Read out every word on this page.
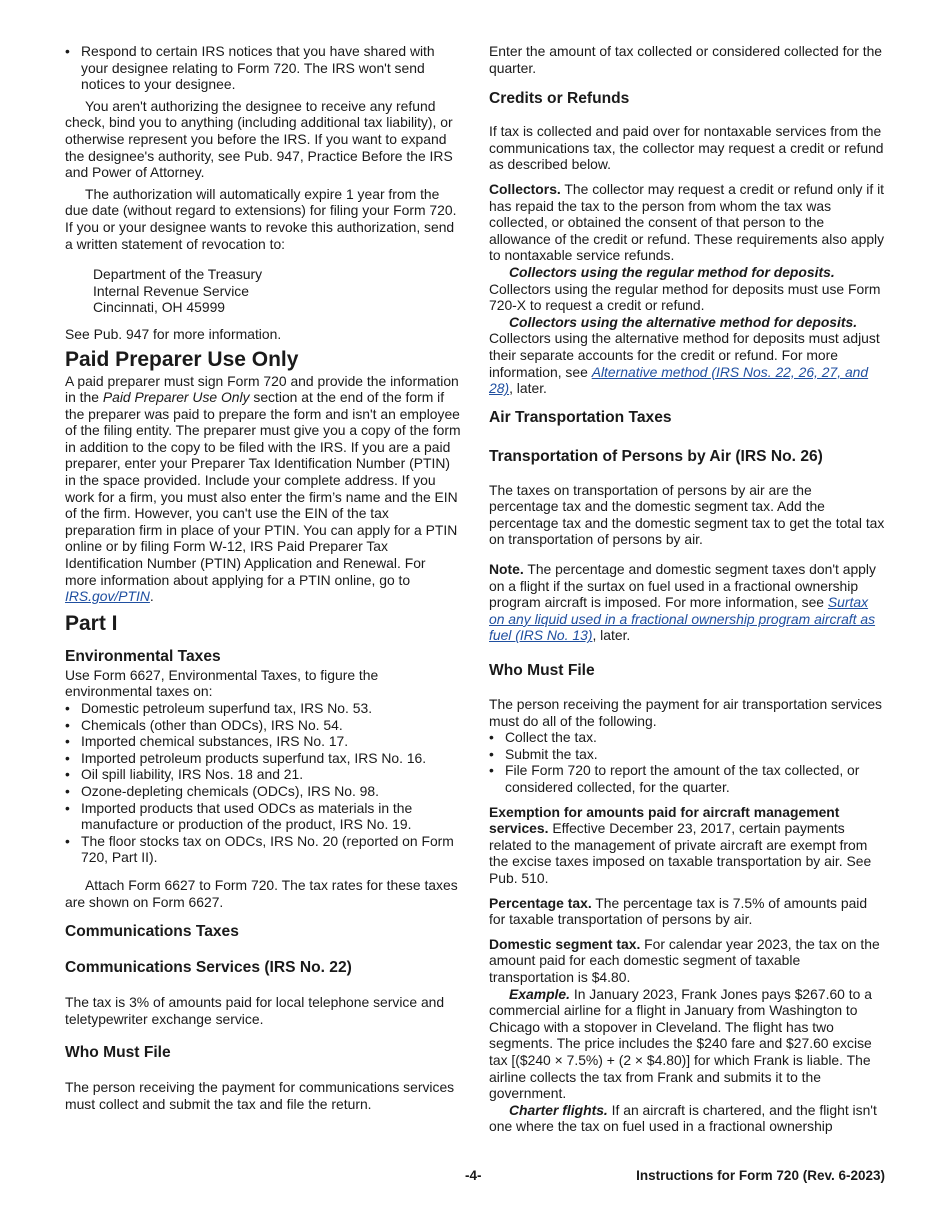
• Respond to certain IRS notices that you have shared with your designee relating to Form 720. The IRS won't send notices to your designee.

You aren't authorizing the designee to receive any refund check, bind you to anything (including additional tax liability), or otherwise represent you before the IRS. If you want to expand the designee's authority, see Pub. 947, Practice Before the IRS and Power of Attorney.

The authorization will automatically expire 1 year from the due date (without regard to extensions) for filing your Form 720. If you or your designee wants to revoke this authorization, send a written statement of revocation to:

Department of the Treasury

Internal Revenue Service

Cincinnati, OH 45999

See Pub. 947 for more information.

Paid Preparer Use Only

A paid preparer must sign Form 720 and provide the information in the Paid Preparer Use Only section at the end of the form if the preparer was paid to prepare the form and isn't an employee of the filing entity. The preparer must give you a copy of the form in addition to the copy to be filed with the IRS. If you are a paid preparer, enter your Preparer Tax Identification Number (PTIN) in the space provided. Include your complete address. If you work for a firm, you must also enter the firm’s name and the EIN of the firm. However, you can't use the EIN of the tax preparation firm in place of your PTIN. You can apply for a PTIN online or by filing Form W-12, IRS Paid Preparer Tax Identification Number (PTIN) Application and Renewal. For more information about applying for a PTIN online, go to IRS.gov/PTIN.

Part I
Environmental Taxes

Use Form 6627, Environmental Taxes, to figure the environmental taxes on:

• Domestic petroleum superfund tax, IRS No. 53.

• Chemicals (other than ODCs), IRS No. 54.

• Imported chemical substances, IRS No. 17.

• Imported petroleum products superfund tax, IRS No. 16.

• Oil spill liability, IRS Nos. 18 and 21.

• Ozone-depleting chemicals (ODCs), IRS No. 98.

• Imported products that used ODCs as materials in the manufacture or production of the product, IRS No. 19.

• The floor stocks tax on ODCs, IRS No. 20 (reported on Form 720, Part II).

Attach Form 6627 to Form 720. The tax rates for these taxes are shown on Form 6627.

Communications Taxes
Communications Services (IRS No. 22)

The tax is 3% of amounts paid for local telephone service and teletypewriter exchange service.

Who Must File

The person receiving the payment for communications services must collect and submit the tax and file the return.

Enter the amount of tax collected or considered collected for the quarter.

Credits or Refunds

If tax is collected and paid over for nontaxable services from the communications tax, the collector may request a credit or refund as described below.

Collectors. The collector may request a credit or refund only if it has repaid the tax to the person from whom the tax was collected, or obtained the consent of that person to the allowance of the credit or refund. These requirements also apply to nontaxable service refunds.

Collectors using the regular method for deposits.

Collectors using the regular method for deposits must use Form 720-X to request a credit or refund.

Collectors using the alternative method for deposits.

Collectors using the alternative method for deposits must adjust their separate accounts for the credit or refund. For more information, see Alternative method (IRS Nos. 22, 26, 27, and 28), later.

Air Transportation Taxes
Transportation of Persons by Air (IRS No. 26)

The taxes on transportation of persons by air are the percentage tax and the domestic segment tax. Add the percentage tax and the domestic segment tax to get the total tax on transportation of persons by air.

Note. The percentage and domestic segment taxes don't apply on a flight if the surtax on fuel used in a fractional ownership program aircraft is imposed. For more information, see Surtax on any liquid used in a fractional ownership program aircraft as fuel (IRS No. 13), later.

Who Must File

The person receiving the payment for air transportation services must do all of the following.

• Collect the tax.

• Submit the tax.

• File Form 720 to report the amount of the tax collected, or considered collected, for the quarter.

Exemption for amounts paid for aircraft management services. Effective December 23, 2017, certain payments related to the management of private aircraft are exempt from the excise taxes imposed on taxable transportation by air. See Pub. 510.

Percentage tax. The percentage tax is 7.5% of amounts paid for taxable transportation of persons by air.

Domestic segment tax. For calendar year 2023, the tax on the amount paid for each domestic segment of taxable transportation is $4.80.

Example. In January 2023, Frank Jones pays $267.60 to a commercial airline for a flight in January from Washington to Chicago with a stopover in Cleveland. The flight has two segments. The price includes the $240 fare and $27.60 excise tax [($240 × 7.5%) + (2 × $4.80)] for which Frank is liable. The airline collects the tax from Frank and submits it to the government.

Charter flights. If an aircraft is chartered, and the flight isn't one where the tax on fuel used in a fractional ownership

-4-	Instructions for Form 720 (Rev. 6-2023)
